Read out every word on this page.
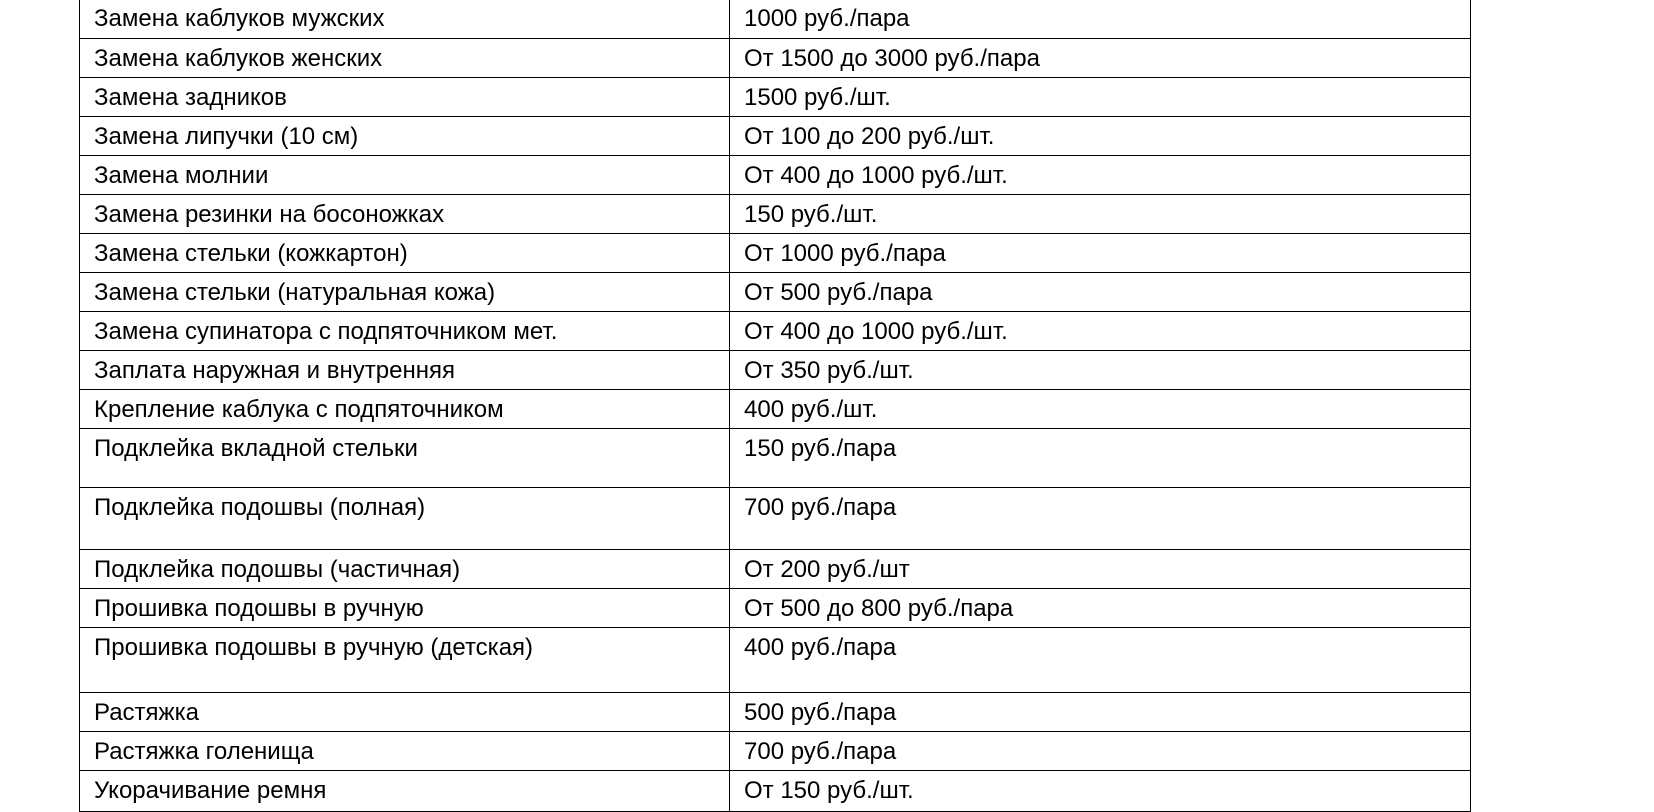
Замена каблуков мужских	1000 руб./пара
Замена каблуков женских	От 1500 до 3000 руб./пара
Замена задников	1500 руб./шт.
Замена липучки (10 см)	От 100 до 200 руб./шт.
Замена молнии	От 400 до 1000 руб./шт.
Замена резинки на босоножках	150 руб./шт.
Замена стельки (кожкартон)	От 1000 руб./пара
Замена стельки (натуральная кожа)	От 500 руб./пара
Замена супинатора с подпяточником мет.	От 400 до 1000 руб./шт.
Заплата наружная и внутренняя	От 350 руб./шт.
Крепление каблука с подпяточником	400 руб./шт.
Подклейка вкладной стельки	150 руб./пара
Подклейка подошвы (полная)	700 руб./пара
Подклейка подошвы (частичная)	От 200 руб./шт
Прошивка подошвы в ручную	От 500 до 800 руб./пара
Прошивка подошвы в ручную (детская)	400 руб./пара
Растяжка	500 руб./пара
Растяжка голенища	700 руб./пара
Укорачивание ремня	От 150 руб./шт.
